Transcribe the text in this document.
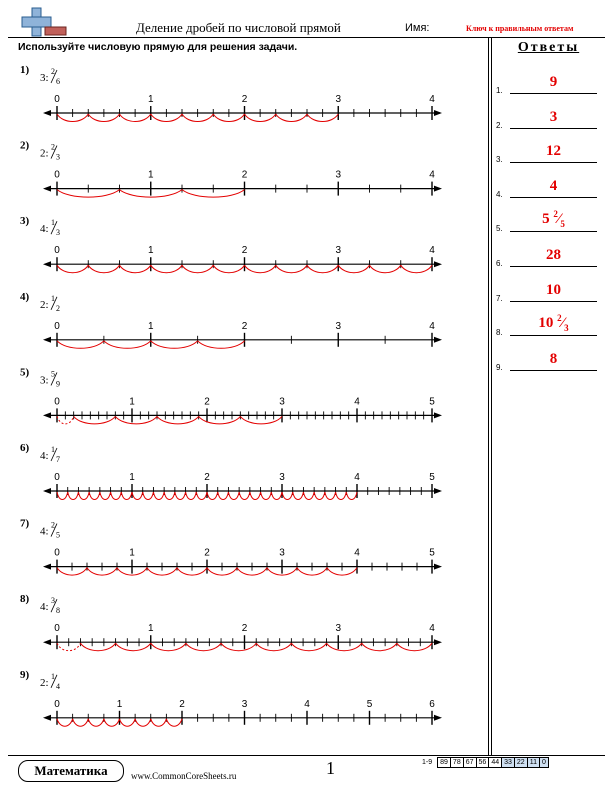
Деление дробей по числовой прямой	Имя:	Ключ к правильным ответам
Используйте числовую прямую для решения задачи.	Ответы
1.
9
2.
3
3.
12
4.
4
5.
5 $^2⁄_5$
6.
28
7.
10
8.
10 $^2⁄_3$
9.
8
1)
3:
2
6
0	1	2	3	4
2)
2:
2
3
0	1	2	3	4
3)
4:
1
3
0	1	2	3	4
4)
2:
1
2
0	1	2	3	4
5)
3:
5
9
0	1	2	3	4	5
6)
4:
1
7
0	1	2	3	4	5
7)
4:
2
5
0	1	2	3	4	5
8)
4:
3
8
0	1	2	3	4
9)
2:
1
4
0	1	2	3	4	5	6
Математика	www.CommonCoreSheets.ru	1	1-9	89	78	67	56	44	33	22	11	0
